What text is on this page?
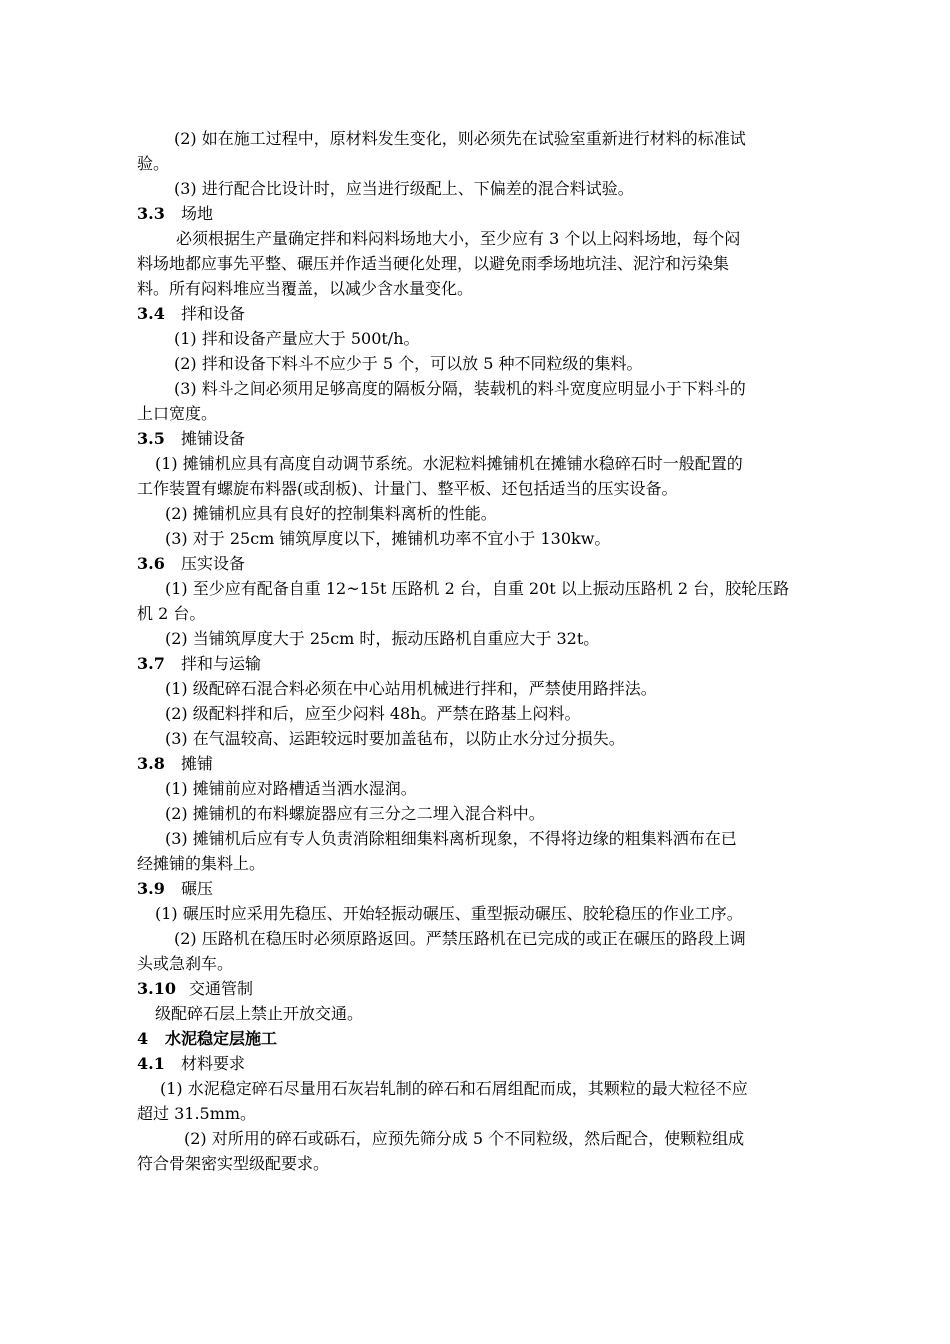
(2) 如在施工过程中，原材料发生变化，则必须先在试验室重新进行材料的标准试
验。
(3) 进行配合比设计时，应当进行级配上、下偏差的混合料试验。
3.3 场地
必须根据生产量确定拌和料闷料场地大小，至少应有 3 个以上闷料场地，每个闷
料场地都应事先平整、碾压并作适当硬化处理，以避免雨季场地坑洼、泥泞和污染集
料。所有闷料堆应当覆盖，以减少含水量变化。
3.4 拌和设备
(1) 拌和设备产量应大于 500t/h。
(2) 拌和设备下料斗不应少于 5 个，可以放 5 种不同粒级的集料。
(3) 料斗之间必须用足够高度的隔板分隔，装载机的料斗宽度应明显小于下料斗的
上口宽度。
3.5 摊铺设备
(1) 摊铺机应具有高度自动调节系统。水泥粒料摊铺机在摊铺水稳碎石时一般配置的
工作装置有螺旋布料器(或刮板)、计量门、整平板、还包括适当的压实设备。
(2) 摊铺机应具有良好的控制集料离析的性能。
(3) 对于 25cm 铺筑厚度以下，摊铺机功率不宜小于 130kw。
3.6 压实设备
(1) 至少应有配备自重 12~15t 压路机 2 台，自重 20t 以上振动压路机 2 台，胶轮压路
机 2 台。
(2) 当铺筑厚度大于 25cm 时，振动压路机自重应大于 32t。
3.7 拌和与运输
(1) 级配碎石混合料必须在中心站用机械进行拌和，严禁使用路拌法。
(2) 级配料拌和后，应至少闷料 48h。严禁在路基上闷料。
(3) 在气温较高、运距较远时要加盖毡布，以防止水分过分损失。
3.8 摊铺
(1) 摊铺前应对路槽适当洒水湿润。
(2) 摊铺机的布料螺旋器应有三分之二埋入混合料中。
(3) 摊铺机后应有专人负责消除粗细集料离析现象，不得将边缘的粗集料洒布在已
经摊铺的集料上。
3.9 碾压
(1) 碾压时应采用先稳压、开始轻振动碾压、重型振动碾压、胶轮稳压的作业工序。
(2) 压路机在稳压时必须原路返回。严禁压路机在已完成的或正在碾压的路段上调
头或急刹车。
3.10 交通管制
级配碎石层上禁止开放交通。
4 水泥稳定层施工
4.1 材料要求
(1) 水泥稳定碎石尽量用石灰岩轧制的碎石和石屑组配而成，其颗粒的最大粒径不应
超过 31.5mm。
(2) 对所用的碎石或砾石，应预先筛分成 5 个不同粒级，然后配合，使颗粒组成
符合骨架密实型级配要求。
